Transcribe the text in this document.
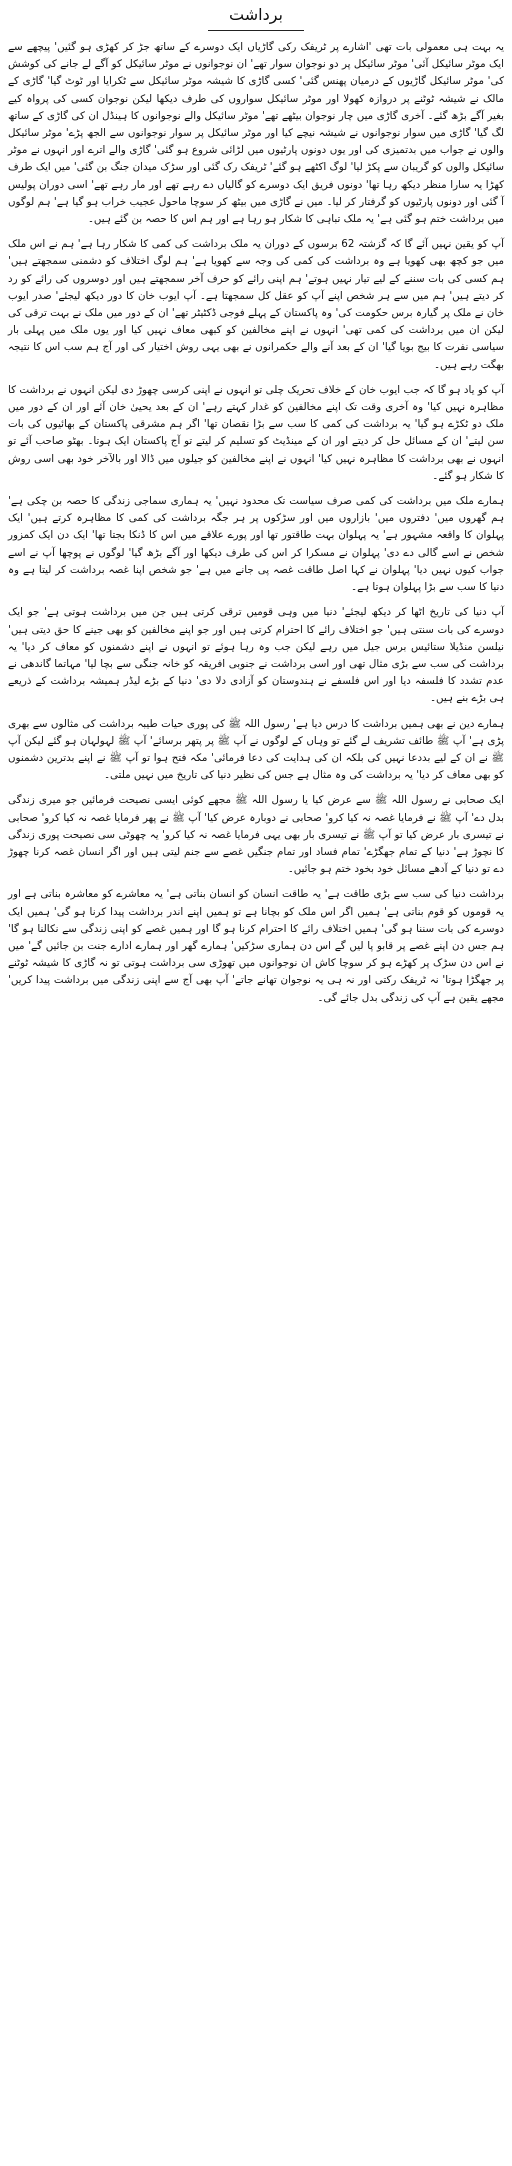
برداشت

یہ بہت ہی معمولی بات تھی 'اشارے پر ٹریفک رکی گاڑیاں ایک دوسرے کے ساتھ جڑ کر کھڑی ہو گئیں' پیچھے سے ایک موٹر سائیکل آئی' موٹر سائیکل پر دو نوجوان سوار تھے' ان نوجوانوں نے موٹر سائیکل کو آگے لے جانے کی کوشش کی' موٹر سائیکل گاڑیوں کے درمیان پھنس گئی' کسی گاڑی کا شیشہ موٹر سائیکل سے ٹکرایا اور ٹوٹ گیا' گاڑی کے مالک نے شیشہ ٹوٹنے پر دروازہ کھولا اور موٹر سائیکل سواروں کی طرف دیکھا لیکن نوجوان کسی کی پرواہ کیے بغیر آگے بڑھ گئے۔ آخری گاڑی میں چار نوجوان بیٹھے تھے' موٹر سائیکل والے نوجوانوں کا ہینڈل ان کی گاڑی کے ساتھ لگ گیا' گاڑی میں سوار نوجوانوں نے شیشہ نیچے کیا اور موٹر سائیکل پر سوار نوجوانوں سے الجھ پڑے' موٹر سائیکل والوں نے جواب میں بدتمیزی کی اور یوں دونوں پارٹیوں میں لڑائی شروع ہو گئی' گاڑی والے اترے اور انہوں نے موٹر سائیکل والوں کو گریبان سے پکڑ لیا' لوگ اکٹھے ہو گئے' ٹریفک رک گئی اور سڑک میدان جنگ بن گئی' میں ایک طرف کھڑا یہ سارا منظر دیکھ رہا تھا' دونوں فریق ایک دوسرے کو گالیاں دے رہے تھے اور مار رہے تھے' اسی دوران پولیس آ گئی اور دونوں پارٹیوں کو گرفتار کر لیا۔ میں نے گاڑی میں بیٹھ کر سوچا ماحول عجیب خراب ہو گیا ہے' ہم لوگوں میں برداشت ختم ہو گئی ہے' یہ ملک تباہی کا شکار ہو رہا ہے اور ہم اس کا حصہ بن گئے ہیں۔

آپ کو یقین نہیں آئے گا کہ گزشتہ 62 برسوں کے دوران یہ ملک برداشت کی کمی کا شکار رہا ہے' ہم نے اس ملک میں جو کچھ بھی کھویا ہے وہ برداشت کی کمی کی وجہ سے کھویا ہے' ہم لوگ اختلاف کو دشمنی سمجھتے ہیں' ہم کسی کی بات سننے کے لیے تیار نہیں ہوتے' ہم اپنی رائے کو حرف آخر سمجھتے ہیں اور دوسروں کی رائے کو رد کر دیتے ہیں' ہم میں سے ہر شخص اپنے آپ کو عقل کل سمجھتا ہے۔ آپ ایوب خان کا دور دیکھ لیجئے' صدر ایوب خان نے ملک پر گیارہ برس حکومت کی' وہ پاکستان کے پہلے فوجی ڈکٹیٹر تھے' ان کے دور میں ملک نے بہت ترقی کی لیکن ان میں برداشت کی کمی تھی' انہوں نے اپنے مخالفین کو کبھی معاف نہیں کیا اور یوں ملک میں پہلی بار سیاسی نفرت کا بیج بویا گیا' ان کے بعد آنے والے حکمرانوں نے بھی یہی روش اختیار کی اور آج ہم سب اس کا نتیجہ بھگت رہے ہیں۔

آپ کو یاد ہو گا کہ جب ایوب خان کے خلاف تحریک چلی تو انہوں نے اپنی کرسی چھوڑ دی لیکن انہوں نے برداشت کا مظاہرہ نہیں کیا' وہ آخری وقت تک اپنے مخالفین کو غدار کہتے رہے' ان کے بعد یحییٰ خان آئے اور ان کے دور میں ملک دو ٹکڑے ہو گیا' یہ برداشت کی کمی کا سب سے بڑا نقصان تھا' اگر ہم مشرقی پاکستان کے بھائیوں کی بات سن لیتے' ان کے مسائل حل کر دیتے اور ان کے مینڈیٹ کو تسلیم کر لیتے تو آج پاکستان ایک ہوتا۔ بھٹو صاحب آئے تو انہوں نے بھی برداشت کا مظاہرہ نہیں کیا' انہوں نے اپنے مخالفین کو جیلوں میں ڈالا اور بالآخر خود بھی اسی روش کا شکار ہو گئے۔

ہمارے ملک میں برداشت کی کمی صرف سیاست تک محدود نہیں' یہ ہماری سماجی زندگی کا حصہ بن چکی ہے' ہم گھروں میں' دفتروں میں' بازاروں میں اور سڑکوں پر ہر جگہ برداشت کی کمی کا مظاہرہ کرتے ہیں' ایک پہلوان کا واقعہ مشہور ہے' یہ پہلوان بہت طاقتور تھا اور پورے علاقے میں اس کا ڈنکا بجتا تھا' ایک دن ایک کمزور شخص نے اسے گالی دے دی' پہلوان نے مسکرا کر اس کی طرف دیکھا اور آگے بڑھ گیا' لوگوں نے پوچھا آپ نے اسے جواب کیوں نہیں دیا' پہلوان نے کہا اصل طاقت غصہ پی جانے میں ہے' جو شخص اپنا غصہ برداشت کر لیتا ہے وہ دنیا کا سب سے بڑا پہلوان ہوتا ہے۔

آپ دنیا کی تاریخ اٹھا کر دیکھ لیجئے' دنیا میں وہی قومیں ترقی کرتی ہیں جن میں برداشت ہوتی ہے' جو ایک دوسرے کی بات سنتی ہیں' جو اختلاف رائے کا احترام کرتی ہیں اور جو اپنے مخالفین کو بھی جینے کا حق دیتی ہیں' نیلسن منڈیلا ستائیس برس جیل میں رہے لیکن جب وہ رہا ہوئے تو انہوں نے اپنے دشمنوں کو معاف کر دیا' یہ برداشت کی سب سے بڑی مثال تھی اور اسی برداشت نے جنوبی افریقہ کو خانہ جنگی سے بچا لیا' مہاتما گاندھی نے عدم تشدد کا فلسفہ دیا اور اس فلسفے نے ہندوستان کو آزادی دلا دی' دنیا کے بڑے لیڈر ہمیشہ برداشت کے ذریعے ہی بڑے بنے ہیں۔

ہمارے دین نے بھی ہمیں برداشت کا درس دیا ہے' رسول اللہ ﷺ کی پوری حیات طیبہ برداشت کی مثالوں سے بھری پڑی ہے' آپ ﷺ طائف تشریف لے گئے تو وہاں کے لوگوں نے آپ ﷺ پر پتھر برسائے' آپ ﷺ لہولہان ہو گئے لیکن آپ ﷺ نے ان کے لیے بددعا نہیں کی بلکہ ان کی ہدایت کی دعا فرمائی' مکہ فتح ہوا تو آپ ﷺ نے اپنے بدترین دشمنوں کو بھی معاف کر دیا' یہ برداشت کی وہ مثال ہے جس کی نظیر دنیا کی تاریخ میں نہیں ملتی۔

ایک صحابی نے رسول اللہ ﷺ سے عرض کیا یا رسول اللہ ﷺ مجھے کوئی ایسی نصیحت فرمائیں جو میری زندگی بدل دے' آپ ﷺ نے فرمایا غصہ نہ کیا کرو' صحابی نے دوبارہ عرض کیا' آپ ﷺ نے پھر فرمایا غصہ نہ کیا کرو' صحابی نے تیسری بار عرض کیا تو آپ ﷺ نے تیسری بار بھی یہی فرمایا غصہ نہ کیا کرو' یہ چھوٹی سی نصیحت پوری زندگی کا نچوڑ ہے' دنیا کے تمام جھگڑے' تمام فساد اور تمام جنگیں غصے سے جنم لیتی ہیں اور اگر انسان غصہ کرنا چھوڑ دے تو دنیا کے آدھے مسائل خود بخود ختم ہو جائیں۔

برداشت دنیا کی سب سے بڑی طاقت ہے' یہ طاقت انسان کو انسان بناتی ہے' یہ معاشرے کو معاشرہ بناتی ہے اور یہ قوموں کو قوم بناتی ہے' ہمیں اگر اس ملک کو بچانا ہے تو ہمیں اپنے اندر برداشت پیدا کرنا ہو گی' ہمیں ایک دوسرے کی بات سننا ہو گی' ہمیں اختلاف رائے کا احترام کرنا ہو گا اور ہمیں غصے کو اپنی زندگی سے نکالنا ہو گا' ہم جس دن اپنے غصے پر قابو پا لیں گے اس دن ہماری سڑکیں' ہمارے گھر اور ہمارے ادارے جنت بن جائیں گے' میں نے اس دن سڑک پر کھڑے ہو کر سوچا کاش ان نوجوانوں میں تھوڑی سی برداشت ہوتی تو نہ گاڑی کا شیشہ ٹوٹنے پر جھگڑا ہوتا' نہ ٹریفک رکتی اور نہ ہی یہ نوجوان تھانے جاتے' آپ بھی آج سے اپنی زندگی میں برداشت پیدا کریں' مجھے یقین ہے آپ کی زندگی بدل جائے گی۔
